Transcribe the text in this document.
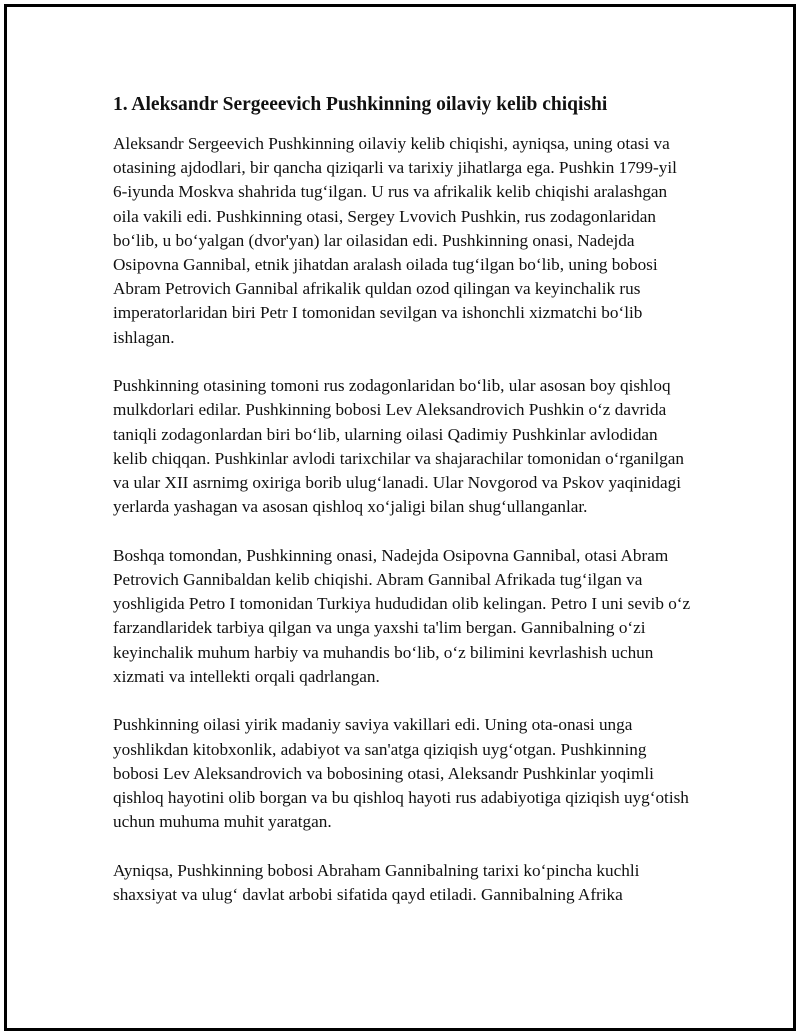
1. Aleksandr Sergeeevich Pushkinning oilaviy kelib chiqishi

Aleksandr Sergeevich Pushkinning oilaviy kelib chiqishi, ayniqsa, uning otasi va otasining ajdodlari, bir qancha qiziqarli va tarixiy jihatlarga ega. Pushkin 1799-yil 6-iyunda Moskva shahrida tug‘ilgan. U rus va afrikalik kelib chiqishi aralashgan oila vakili edi. Pushkinning otasi, Sergey Lvovich Pushkin, rus zodagonlaridan bo‘lib, u bo‘yalgan (dvor'yan) lar oilasidan edi. Pushkinning onasi, Nadejda Osipovna Gannibal, etnik jihatdan aralash oilada tug‘ilgan bo‘lib, uning bobosi Abram Petrovich Gannibal afrikalik quldan ozod qilingan va keyinchalik rus imperatorlaridan biri Petr I tomonidan sevilgan va ishonchli xizmatchi bo‘lib ishlagan.

Pushkinning otasining tomoni rus zodagonlaridan bo‘lib, ular asosan boy qishloq mulkdorlari edilar. Pushkinning bobosi Lev Aleksandrovich Pushkin o‘z davrida taniqli zodagonlardan biri bo‘lib, ularning oilasi Qadimiy Pushkinlar avlodidan kelib chiqqan. Pushkinlar avlodi tarixchilar va shajarachilar tomonidan o‘rganilgan va ular XII asrnimg oxiriga borib ulug‘lanadi. Ular Novgorod va Pskov yaqinidagi yerlarda yashagan va asosan qishloq xo‘jaligi bilan shug‘ullanganlar.

Boshqa tomondan, Pushkinning onasi, Nadejda Osipovna Gannibal, otasi Abram Petrovich Gannibaldan kelib chiqishi. Abram Gannibal Afrikada tug‘ilgan va yoshligida Petro I tomonidan Turkiya hududidan olib kelingan. Petro I uni sevib o‘z farzandlaridek tarbiya qilgan va unga yaxshi ta'lim bergan. Gannibalning o‘zi keyinchalik muhum harbiy va muhandis bo‘lib, o‘z bilimini kevrlashish uchun xizmati va intellekti orqali qadrlangan.

Pushkinning oilasi yirik madaniy saviya vakillari edi. Uning ota-onasi unga yoshlikdan kitobxonlik, adabiyot va san'atga qiziqish uyg‘otgan. Pushkinning bobosi Lev Aleksandrovich va bobosining otasi, Aleksandr Pushkinlar yoqimli qishloq hayotini olib borgan va bu qishloq hayoti rus adabiyotiga qiziqish uyg‘otish uchun muhuma muhit yaratgan.

Ayniqsa, Pushkinning bobosi Abraham Gannibalning tarixi ko‘pincha kuchli shaxsiyat va ulug‘ davlat arbobi sifatida qayd etiladi. Gannibalning Afrika
